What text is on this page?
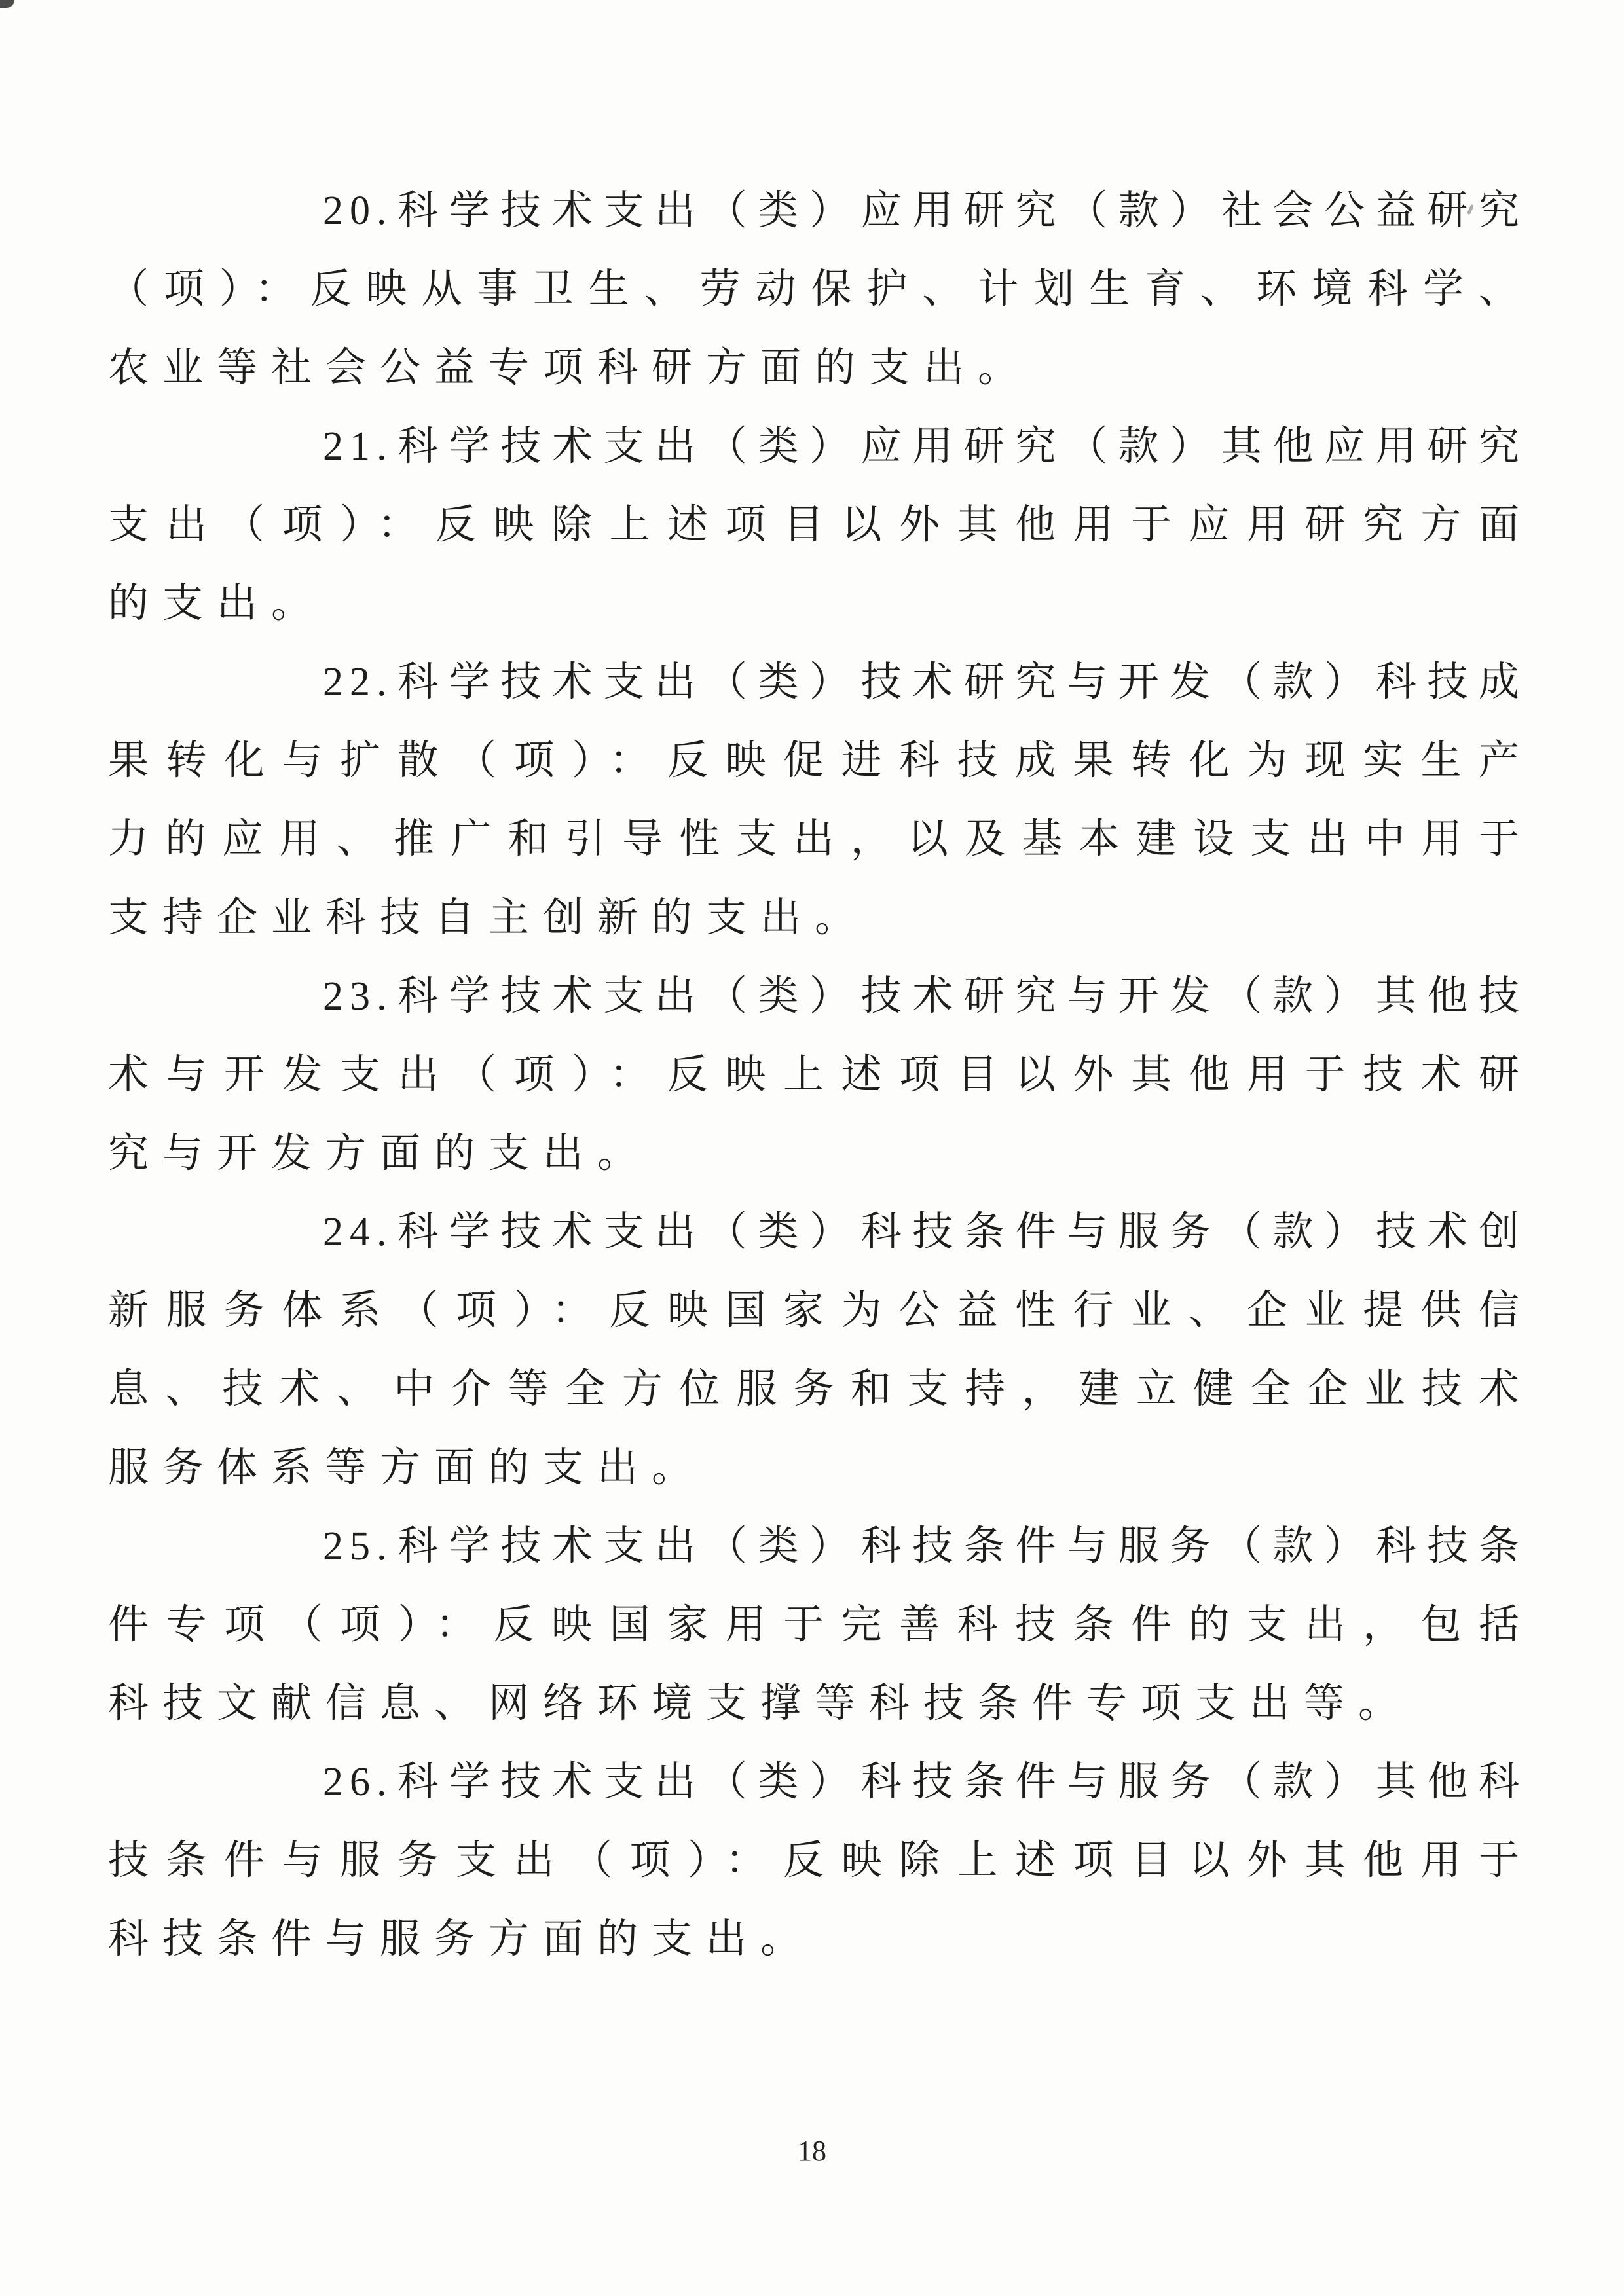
20.科学技术支出（类）应用研究（款）社会公益研究
（项）：反映从事卫生、劳动保护、计划生育、环境科学、
农业等社会公益专项科研方面的支出。

21.科学技术支出（类）应用研究（款）其他应用研究
支出（项）：反映除上述项目以外其他用于应用研究方面
的支出。

22.科学技术支出（类）技术研究与开发（款）科技成
果转化与扩散（项）：反映促进科技成果转化为现实生产
力的应用、推广和引导性支出，以及基本建设支出中用于
支持企业科技自主创新的支出。

23.科学技术支出（类）技术研究与开发（款）其他技
术与开发支出（项）：反映上述项目以外其他用于技术研
究与开发方面的支出。

24.科学技术支出（类）科技条件与服务（款）技术创
新服务体系（项）：反映国家为公益性行业、企业提供信
息、技术、中介等全方位服务和支持，建立健全企业技术
服务体系等方面的支出。

25.科学技术支出（类）科技条件与服务（款）科技条
件专项（项）：反映国家用于完善科技条件的支出，包括
科技文献信息、网络环境支撑等科技条件专项支出等。

26.科学技术支出（类）科技条件与服务（款）其他科
技条件与服务支出（项）：反映除上述项目以外其他用于
科技条件与服务方面的支出。

18
